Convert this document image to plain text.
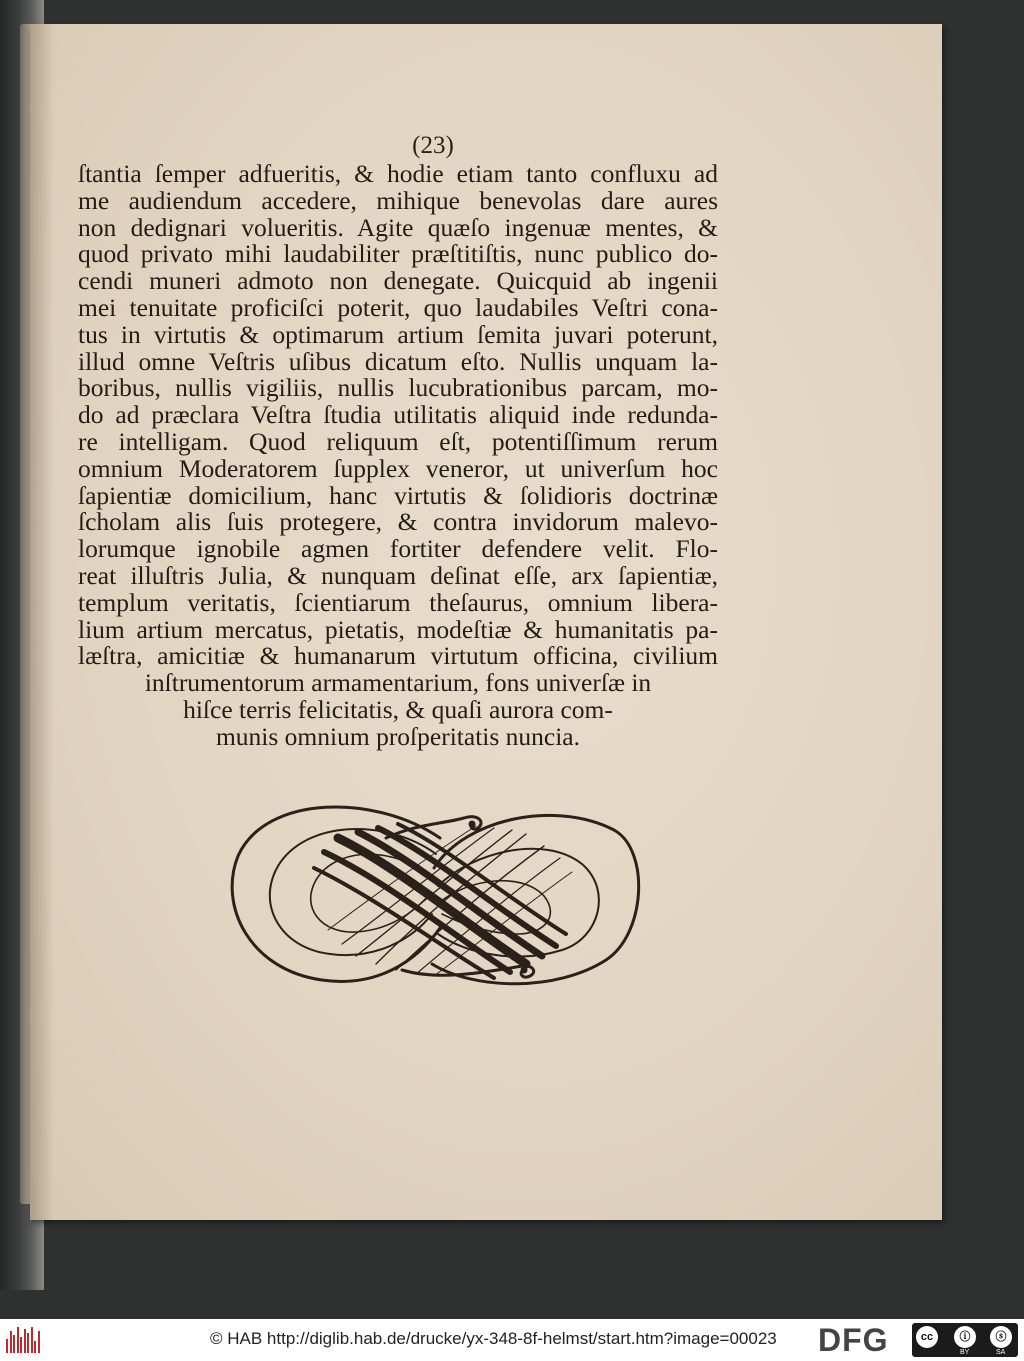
(23)
ſtantia ſemper adfueritis, & hodie etiam tanto confluxu ad
me audiendum accedere, mihique benevolas dare aures
non dedignari volueritis. Agite quæſo ingenuæ mentes, &
quod privato mihi laudabiliter præſtitiſtis, nunc publico do-
cendi muneri admoto non denegate. Quicquid ab ingenii
mei tenuitate proficiſci poterit, quo laudabiles Veſtri cona-
tus in virtutis & optimarum artium ſemita juvari poterunt,
illud omne Veſtris uſibus dicatum eſto. Nullis unquam la-
boribus, nullis vigiliis, nullis lucubrationibus parcam, mo-
do ad præclara Veſtra ſtudia utilitatis aliquid inde redunda-
re intelligam. Quod reliquum eſt, potentiſſimum rerum
omnium Moderatorem ſupplex veneror, ut univerſum hoc
ſapientiæ domicilium, hanc virtutis & ſolidioris doctrinæ
ſcholam alis ſuis protegere, & contra invidorum malevo-
lorumque ignobile agmen fortiter defendere velit. Flo-
reat illuſtris Julia, & nunquam deſinat eſſe, arx ſapientiæ,
templum veritatis, ſcientiarum theſaurus, omnium libera-
lium artium mercatus, pietatis, modeſtiæ & humanitatis pa-
læſtra, amicitiæ & humanarum virtutum officina, civilium
inſtrumentorum armamentarium, fons univerſæ in
hiſce terris felicitatis, & quaſi aurora com-
munis omnium proſperitatis nuncia.
© HAB http://diglib.hab.de/drucke/yx-348-8f-helmst/start.htm?image=00023 DFG	cc	ⓘ	ⓢ
BY	SA
